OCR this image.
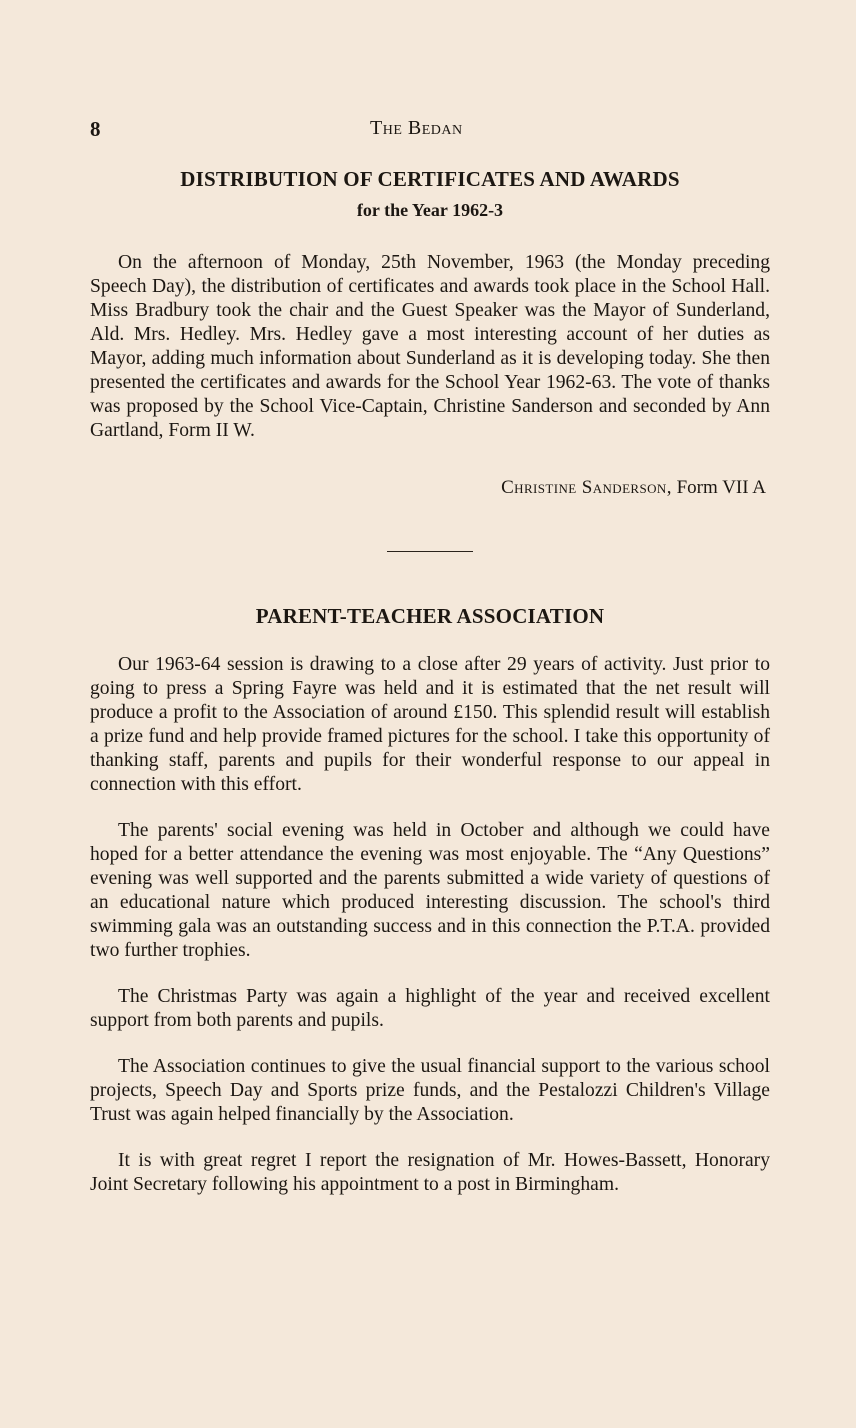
8	The Bedan
DISTRIBUTION OF CERTIFICATES AND AWARDS
for the Year 1962-3

On the afternoon of Monday, 25th November, 1963 (the Monday preceding Speech Day), the distribution of certificates and awards took place in the School Hall. Miss Bradbury took the chair and the Guest Speaker was the Mayor of Sunderland, Ald. Mrs. Hedley. Mrs. Hedley gave a most interesting account of her duties as Mayor, adding much information about Sunderland as it is developing today. She then presented the certificates and awards for the School Year 1962-63. The vote of thanks was proposed by the School Vice-Captain, Christine Sanderson and seconded by Ann Gartland, Form II W.

Christine Sanderson, Form VII A
PARENT-TEACHER ASSOCIATION

Our 1963-64 session is drawing to a close after 29 years of activity. Just prior to going to press a Spring Fayre was held and it is estimated that the net result will produce a profit to the Association of around £150. This splendid result will establish a prize fund and help provide framed pictures for the school. I take this opportunity of thanking staff, parents and pupils for their wonderful response to our appeal in connection with this effort.

The parents' social evening was held in October and although we could have hoped for a better attendance the evening was most enjoyable. The “Any Questions” evening was well supported and the parents submitted a wide variety of questions of an educational nature which produced interesting discussion. The school's third swimming gala was an outstanding success and in this connection the P.T.A. provided two further trophies.

The Christmas Party was again a highlight of the year and received excellent support from both parents and pupils.

The Association continues to give the usual financial support to the various school projects, Speech Day and Sports prize funds, and the Pestalozzi Children's Village Trust was again helped financially by the Association.

It is with great regret I report the resignation of Mr. Howes-Bassett, Honorary Joint Secretary following his appointment to a post in Birmingham.
